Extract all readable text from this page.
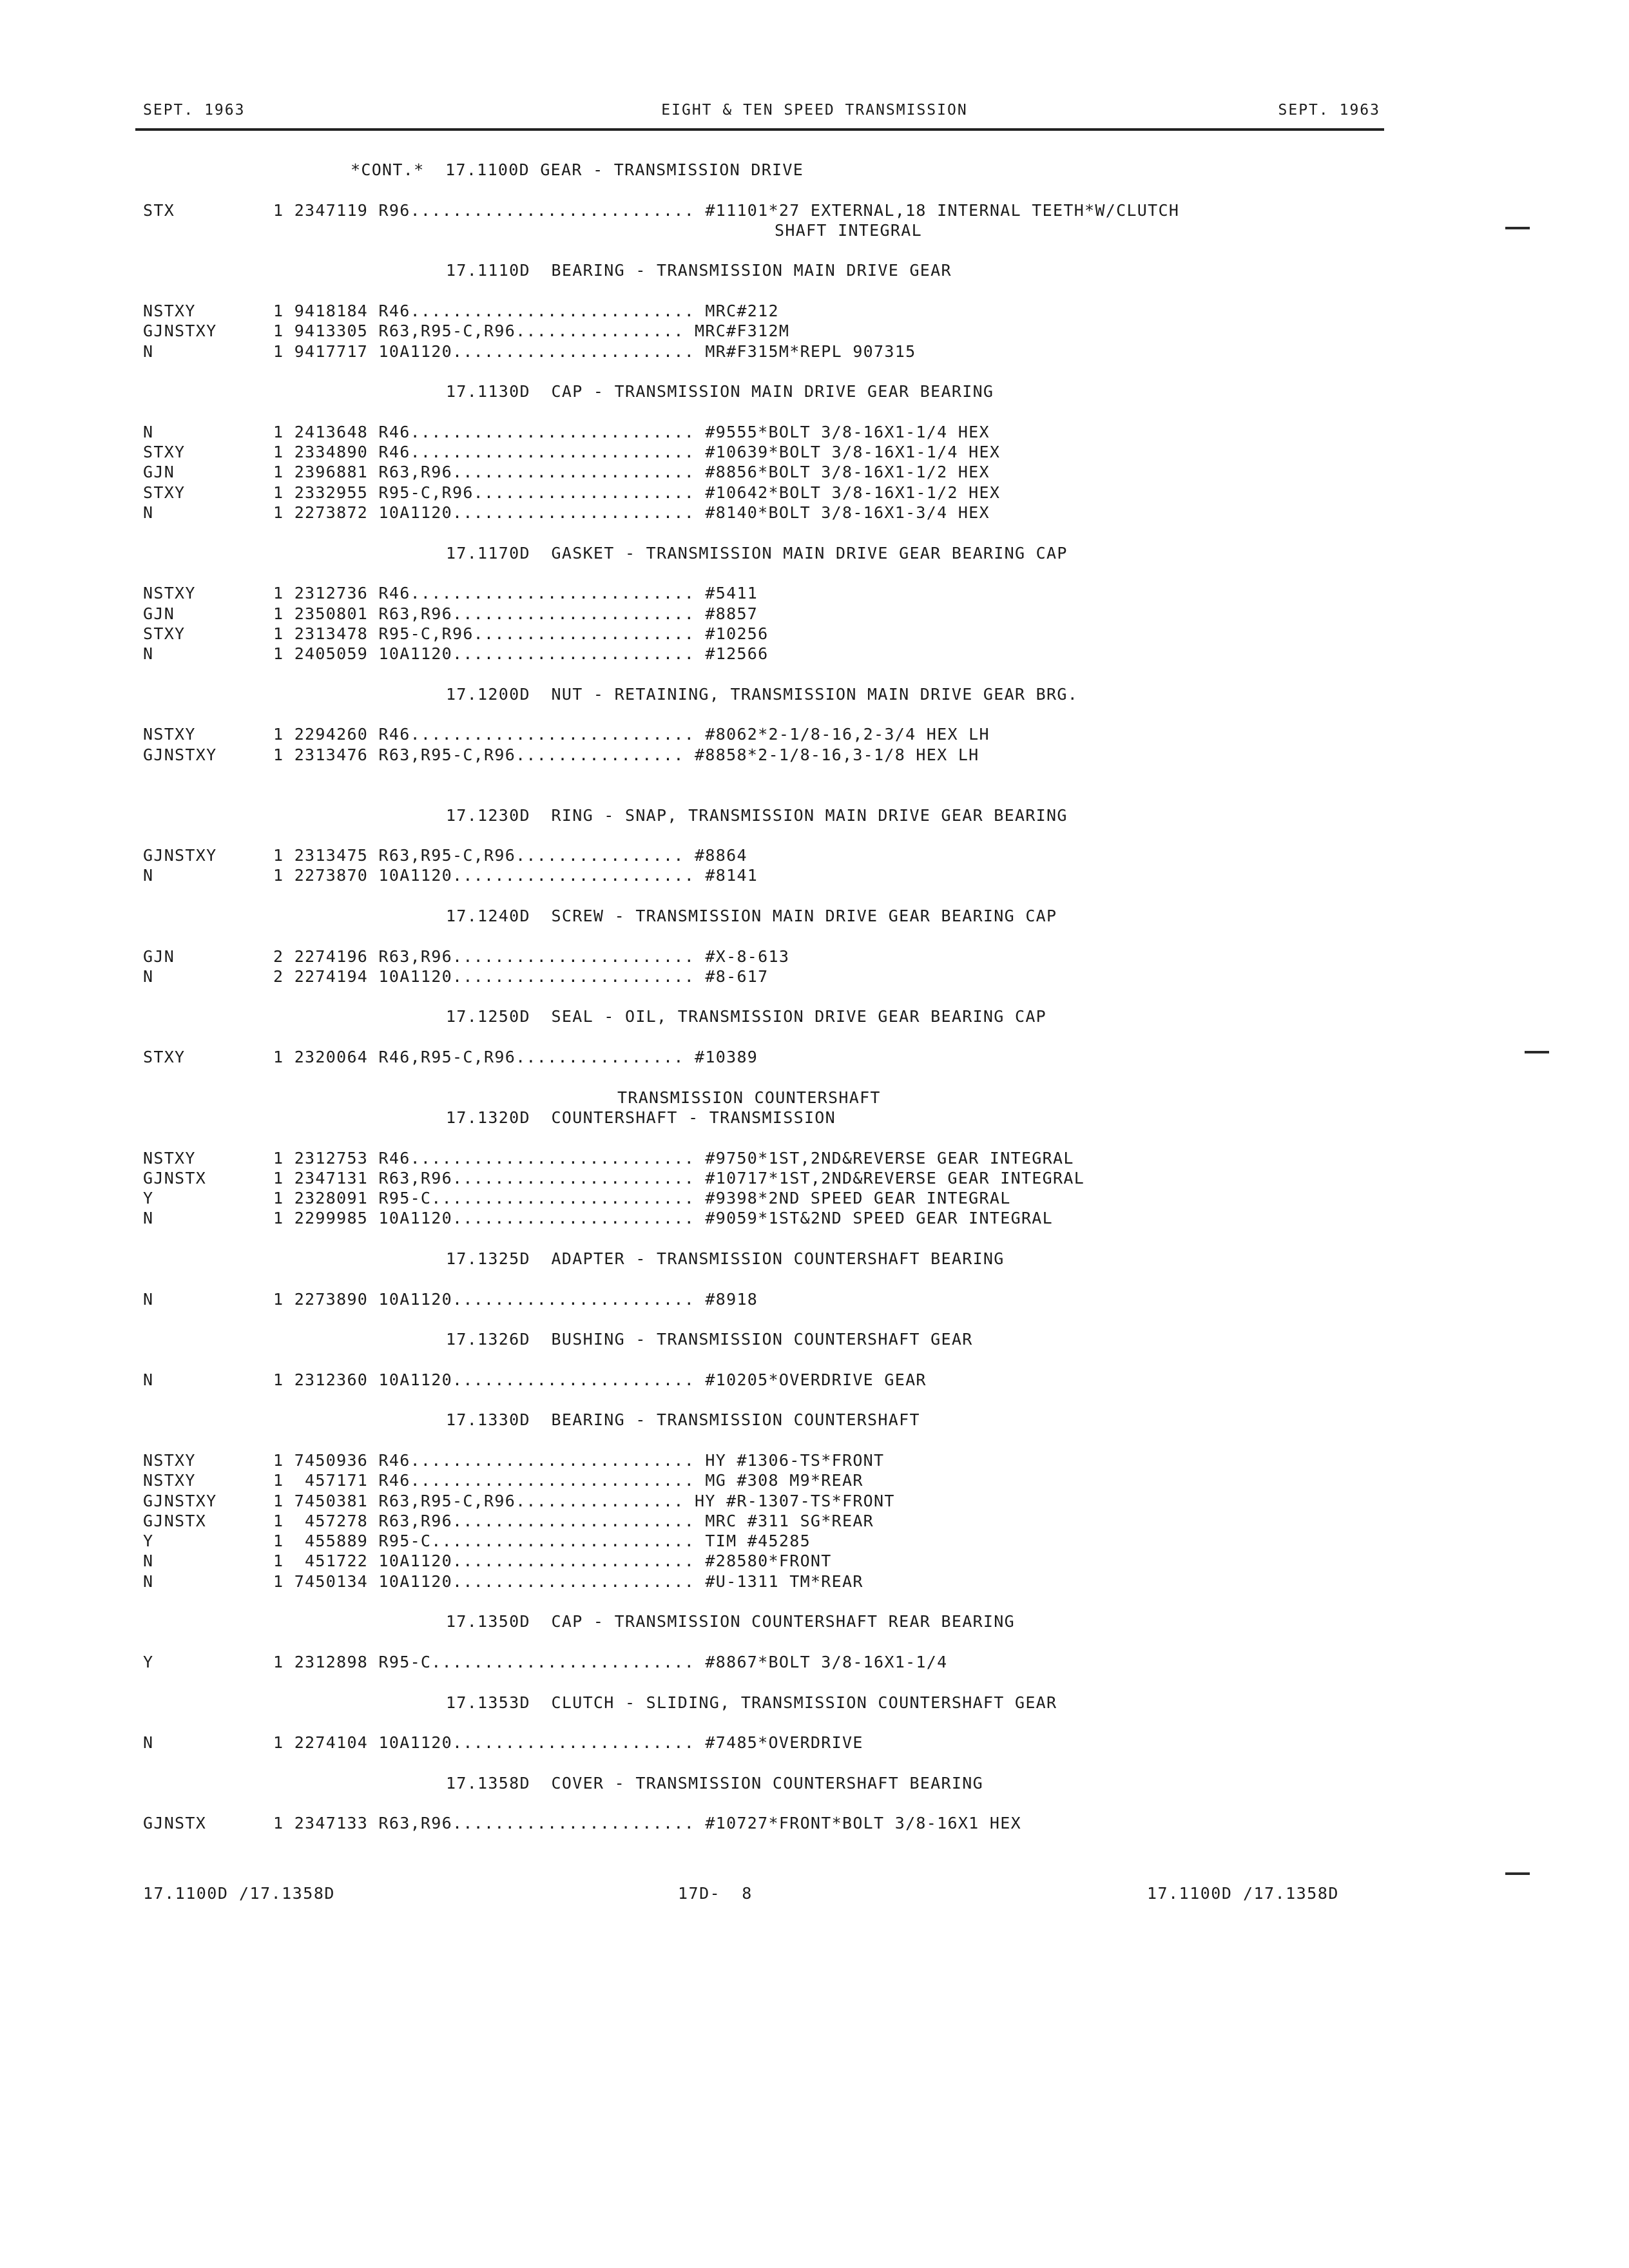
SEPT. 1963	EIGHT & TEN SPEED TRANSMISSION	SEPT. 1963
*CONT.*  17.1100D GEAR - TRANSMISSION DRIVE
STX	1 2347119 R96........................... #11101*27 EXTERNAL,18 INTERNAL TEETH*W/CLUTCH
SHAFT INTEGRAL
17.1110D  BEARING - TRANSMISSION MAIN DRIVE GEAR
NSTXY	1 9418184 R46........................... MRC#212
GJNSTXY	1 9413305 R63,R95-C,R96................ MRC#F312M
N	1 9417717 10A1120....................... MR#F315M*REPL 907315
17.1130D  CAP - TRANSMISSION MAIN DRIVE GEAR BEARING
N	1 2413648 R46........................... #9555*BOLT 3/8-16X1-1/4 HEX
STXY	1 2334890 R46........................... #10639*BOLT 3/8-16X1-1/4 HEX
GJN	1 2396881 R63,R96....................... #8856*BOLT 3/8-16X1-1/2 HEX
STXY	1 2332955 R95-C,R96..................... #10642*BOLT 3/8-16X1-1/2 HEX
N	1 2273872 10A1120....................... #8140*BOLT 3/8-16X1-3/4 HEX
17.1170D  GASKET - TRANSMISSION MAIN DRIVE GEAR BEARING CAP
NSTXY	1 2312736 R46........................... #5411
GJN	1 2350801 R63,R96....................... #8857
STXY	1 2313478 R95-C,R96..................... #10256
N	1 2405059 10A1120....................... #12566
17.1200D  NUT - RETAINING, TRANSMISSION MAIN DRIVE GEAR BRG.
NSTXY	1 2294260 R46........................... #8062*2-1/8-16,2-3/4 HEX LH
GJNSTXY	1 2313476 R63,R95-C,R96................ #8858*2-1/8-16,3-1/8 HEX LH
17.1230D  RING - SNAP, TRANSMISSION MAIN DRIVE GEAR BEARING
GJNSTXY	1 2313475 R63,R95-C,R96................ #8864
N	1 2273870 10A1120....................... #8141
17.1240D  SCREW - TRANSMISSION MAIN DRIVE GEAR BEARING CAP
GJN	2 2274196 R63,R96....................... #X-8-613
N	2 2274194 10A1120....................... #8-617
17.1250D  SEAL - OIL, TRANSMISSION DRIVE GEAR BEARING CAP
STXY	1 2320064 R46,R95-C,R96................ #10389
TRANSMISSION COUNTERSHAFT
17.1320D  COUNTERSHAFT - TRANSMISSION
NSTXY	1 2312753 R46........................... #9750*1ST,2ND&REVERSE GEAR INTEGRAL
GJNSTX	1 2347131 R63,R96....................... #10717*1ST,2ND&REVERSE GEAR INTEGRAL
Y	1 2328091 R95-C......................... #9398*2ND SPEED GEAR INTEGRAL
N	1 2299985 10A1120....................... #9059*1ST&2ND SPEED GEAR INTEGRAL
17.1325D  ADAPTER - TRANSMISSION COUNTERSHAFT BEARING
N	1 2273890 10A1120....................... #8918
17.1326D  BUSHING - TRANSMISSION COUNTERSHAFT GEAR
N	1 2312360 10A1120....................... #10205*OVERDRIVE GEAR
17.1330D  BEARING - TRANSMISSION COUNTERSHAFT
NSTXY	1 7450936 R46........................... HY #1306-TS*FRONT
NSTXY	1  457171 R46........................... MG #308 M9*REAR
GJNSTXY	1 7450381 R63,R95-C,R96................ HY #R-1307-TS*FRONT
GJNSTX	1  457278 R63,R96....................... MRC #311 SG*REAR
Y	1  455889 R95-C......................... TIM #45285
N	1  451722 10A1120....................... #28580*FRONT
N	1 7450134 10A1120....................... #U-1311 TM*REAR
17.1350D  CAP - TRANSMISSION COUNTERSHAFT REAR BEARING
Y	1 2312898 R95-C......................... #8867*BOLT 3/8-16X1-1/4
17.1353D  CLUTCH - SLIDING, TRANSMISSION COUNTERSHAFT GEAR
N	1 2274104 10A1120....................... #7485*OVERDRIVE
17.1358D  COVER - TRANSMISSION COUNTERSHAFT BEARING
GJNSTX	1 2347133 R63,R96....................... #10727*FRONT*BOLT 3/8-16X1 HEX
17.1100D /17.1358D	17D-  8	17.1100D /17.1358D
